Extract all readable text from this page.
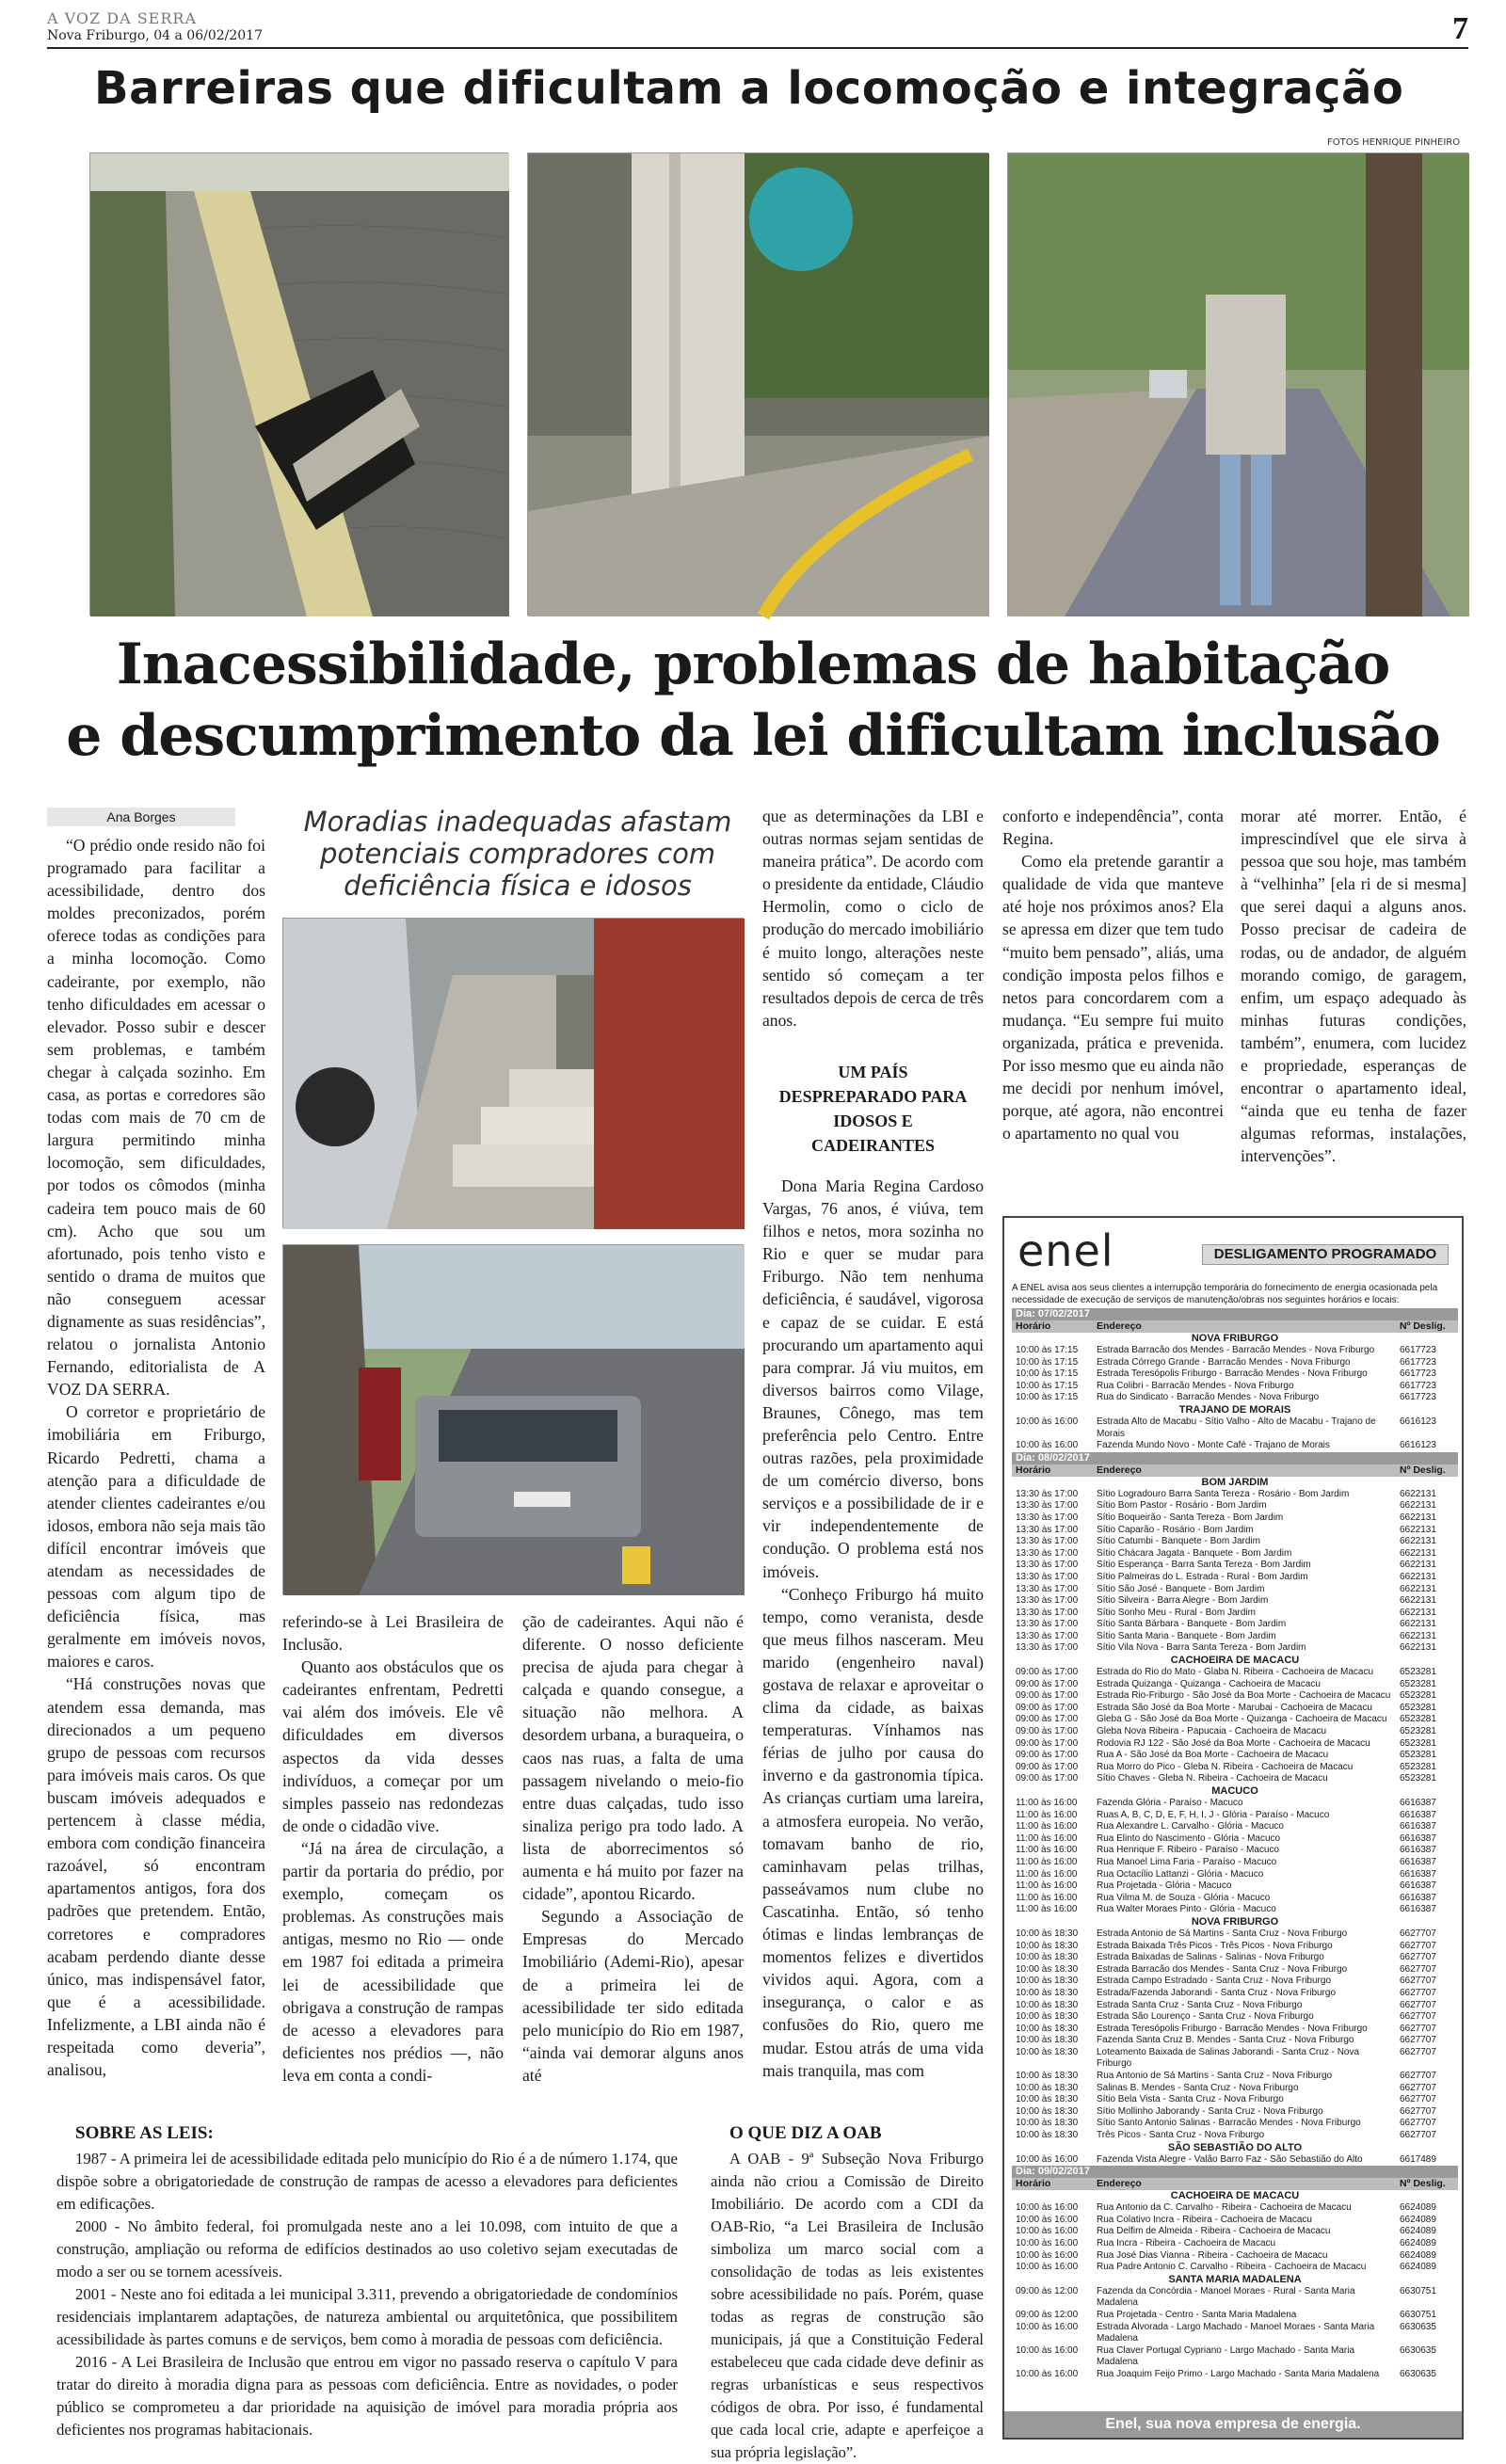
A VOZ DA SERRA
Nova Friburgo, 04 a 06/02/2017	7
Barreiras que dificultam a locomoção e integração
FOTOS HENRIQUE PINHEIRO
Inacessibilidade, problemas de habitação
e descumprimento da lei dificultam inclusão
Ana Borges

“O prédio onde resido não foi programado para facilitar a acessibilidade, dentro dos moldes preconizados, porém oferece todas as condições para a minha locomoção. Como cadeirante, por exemplo, não tenho dificuldades em acessar o elevador. Posso subir e descer sem problemas, e também chegar à calçada sozinho. Em casa, as portas e corredores são todas com mais de 70 cm de largura permitindo minha locomoção, sem dificuldades, por todos os cômodos (minha cadeira tem pouco mais de 60 cm). Acho que sou um afortunado, pois tenho visto e sentido o drama de muitos que não conseguem acessar dignamente as suas residências”, relatou o jornalista Antonio Fernando, editorialista de A VOZ DA SERRA.

O corretor e proprietário de imobiliária em Friburgo, Ricardo Pedretti, chama a atenção para a dificuldade de atender clientes cadeirantes e/ou idosos, embora não seja mais tão difícil encontrar imóveis que atendam as necessidades de pessoas com algum tipo de deficiência física, mas geralmente em imóveis novos, maiores e caros.

“Há construções novas que atendem essa demanda, mas direcionados a um pequeno grupo de pessoas com recursos para imóveis mais caros. Os que buscam imóveis adequados e pertencem à classe média, embora com condição financeira razoável, só encontram apartamentos antigos, fora dos padrões que pretendem. Então, corretores e compradores acabam perdendo diante desse único, mas indispensável fator, que é a acessibilidade. Infelizmente, a LBI ainda não é respeitada como deveria”, analisou,

Moradias inadequadas afastam potenciais compradores com deficiência física e idosos

referindo-se à Lei Brasileira de Inclusão.

Quanto aos obstáculos que os cadeirantes enfrentam, Pedretti vai além dos imóveis. Ele vê dificuldades em diversos aspectos da vida desses indivíduos, a começar por um simples passeio nas redondezas de onde o cidadão vive.

“Já na área de circulação, a partir da portaria do prédio, por exemplo, começam os problemas. As construções mais antigas, mesmo no Rio — onde em 1987 foi editada a primeira lei de acessibilidade que obrigava a construção de rampas de acesso a elevadores para deficientes nos prédios —, não leva em conta a condi-

ção de cadeirantes. Aqui não é diferente. O nosso deficiente precisa de ajuda para chegar à calçada e quando consegue, a situação não melhora. A desordem urbana, a buraqueira, o caos nas ruas, a falta de uma passagem nivelando o meio-fio entre duas calçadas, tudo isso sinaliza perigo pra todo lado. A lista de aborrecimentos só aumenta e há muito por fazer na cidade”, apontou Ricardo.

Segundo a Associação de Empresas do Mercado Imobiliário (Ademi-Rio), apesar de a primeira lei de acessibilidade ter sido editada pelo município do Rio em 1987, “ainda vai demorar alguns anos até

que as determinações da LBI e outras normas sejam sentidas de maneira prática”. De acordo com o presidente da entidade, Cláudio Hermolin, como o ciclo de produção do mercado imobiliário é muito longo, alterações neste sentido só começam a ter resultados depois de cerca de três anos.

UM PAÍS DESPREPARADO PARA IDOSOS E CADEIRANTES

Dona Maria Regina Cardoso Vargas, 76 anos, é viúva, tem filhos e netos, mora sozinha no Rio e quer se mudar para Friburgo. Não tem nenhuma deficiência, é saudável, vigorosa e capaz de se cuidar. E está procurando um apartamento aqui para comprar. Já viu muitos, em diversos bairros como Vilage, Braunes, Cônego, mas tem preferência pelo Centro. Entre outras razões, pela proximidade de um comércio diverso, bons serviços e a possibilidade de ir e vir independentemente de condução. O problema está nos imóveis.

“Conheço Friburgo há muito tempo, como veranista, desde que meus filhos nasceram. Meu marido (engenheiro naval) gostava de relaxar e aproveitar o clima da cidade, as baixas temperaturas. Vínhamos nas férias de julho por causa do inverno e da gastronomia típica. As crianças curtiam uma lareira, a atmosfera europeia. No verão, tomavam banho de rio, caminhavam pelas trilhas, passeávamos num clube no Cascatinha. Então, só tenho ótimas e lindas lembranças de momentos felizes e divertidos vividos aqui. Agora, com a insegurança, o calor e as confusões do Rio, quero me mudar. Estou atrás de uma vida mais tranquila, mas com

conforto e independência”, conta Regina.

Como ela pretende garantir a qualidade de vida que manteve até hoje nos próximos anos? Ela se apressa em dizer que tem tudo “muito bem pensado”, aliás, uma condição imposta pelos filhos e netos para concordarem com a mudança. “Eu sempre fui muito organizada, prática e prevenida. Por isso mesmo que eu ainda não me decidi por nenhum imóvel, porque, até agora, não encontrei o apartamento no qual vou

morar até morrer. Então, é imprescindível que ele sirva à pessoa que sou hoje, mas também à “velhinha” [ela ri de si mesma] que serei daqui a alguns anos. Posso precisar de cadeira de rodas, ou de andador, de alguém morando comigo, de garagem, enfim, um espaço adequado às minhas futuras condições, também”, enumera, com lucidez e propriedade, esperanças de encontrar o apartamento ideal, “ainda que eu tenha de fazer algumas reformas, instalações, intervenções”.

SOBRE AS LEIS:
1987 - A primeira lei de acessibilidade editada pelo município do Rio é a de número 1.174, que dispõe sobre a obrigatoriedade de construção de rampas de acesso a elevadores para deficientes em edificações.
2000 - No âmbito federal, foi promulgada neste ano a lei 10.098, com intuito de que a construção, ampliação ou reforma de edifícios destinados ao uso coletivo sejam executadas de modo a ser ou se tornem acessíveis.
2001 - Neste ano foi editada a lei municipal 3.311, prevendo a obrigatoriedade de condomínios residenciais implantarem adaptações, de natureza ambiental ou arquitetônica, que possibilitem acessibilidade às partes comuns e de serviços, bem como à moradia de pessoas com deficiência.
2016 - A Lei Brasileira de Inclusão que entrou em vigor no passado reserva o capítulo V para tratar do direito à moradia digna para as pessoas com deficiência. Entre as novidades, o poder público se comprometeu a dar prioridade na aquisição de imóvel para moradia própria aos deficientes nos programas habitacionais.
O QUE DIZ A OAB
A OAB - 9ª Subseção Nova Friburgo ainda não criou a Comissão de Direito Imobiliário. De acordo com a CDI da OAB-Rio, “a Lei Brasileira de Inclusão simboliza um marco social com a consolidação de todas as leis existentes sobre acessibilidade no país. Porém, quase todas as regras de construção são municipais, já que a Constituição Federal estabeleceu que cada cidade deve definir as regras urbanísticas e seus respectivos códigos de obra. Por isso, é fundamental que cada local crie, adapte e aperfeiçoe a sua própria legislação”.
enel	DESLIGAMENTO PROGRAMADO
A ENEL avisa aos seus clientes a interrupção temporária do fornecimento de energia ocasionada pela necessidade de execução de serviços de manutenção/obras nos seguintes horários e locais:
Dia: 07/02/2017
Horário	Endereço	Nº Deslig.
NOVA FRIBURGO
10:00 às 17:15	Estrada Barracão dos Mendes - Barracão Mendes - Nova Friburgo	6617723
10:00 às 17:15	Estrada Córrego Grande - Barracão Mendes - Nova Friburgo	6617723
10:00 às 17:15	Estrada Teresópolis Friburgo - Barracão Mendes - Nova Friburgo	6617723
10:00 às 17:15	Rua Colibri - Barracão Mendes - Nova Friburgo	6617723
10:00 às 17:15	Rua do Sindicato - Barracão Mendes - Nova Friburgo	6617723
TRAJANO DE MORAIS
10:00 às 16:00	Estrada Alto de Macabu - Sítio Valho - Alto de Macabu - Trajano de Morais
6616123
10:00 às 16:00	Fazenda Mundo Novo - Monte Café - Trajano de Morais	6616123
Dia: 08/02/2017
Horário	Endereço	Nº Deslig.
BOM JARDIM
13:30 às 17:00	Sítio Logradouro Barra Santa Tereza - Rosário - Bom Jardim	6622131
13:30 às 17:00	Sítio Bom Pastor - Rosário - Bom Jardim	6622131
13:30 às 17:00	Sítio Boqueirão - Santa Tereza - Bom Jardim	6622131
13:30 às 17:00	Sítio Caparão - Rosário - Bom Jardim	6622131
13:30 às 17:00	Sítio Catumbi - Banquete - Bom Jardim	6622131
13:30 às 17:00	Sítio Chácara Jagata - Banquete - Bom Jardim	6622131
13:30 às 17:00	Sítio Esperança - Barra Santa Tereza - Bom Jardim	6622131
13:30 às 17:00	Sítio Palmeiras do L. Estrada - Rural - Bom Jardim	6622131
13:30 às 17:00	Sítio São José - Banquete - Bom Jardim	6622131
13:30 às 17:00	Sítio Silveira - Barra Alegre - Bom Jardim	6622131
13:30 às 17:00	Sítio Sonho Meu - Rural - Bom Jardim	6622131
13:30 às 17:00	Sítio Santa Bárbara - Banquete - Bom Jardim	6622131
13:30 às 17:00	Sítio Santa Maria - Banquete - Bom Jardim	6622131
13:30 às 17:00	Sítio Vila Nova - Barra Santa Tereza - Bom Jardim	6622131
CACHOEIRA DE MACACU
09:00 às 17:00	Estrada do Rio do Mato - Glaba N. Ribeira - Cachoeira de Macacu	6523281
09:00 às 17:00	Estrada Quizanga - Quizanga - Cachoeira de Macacu	6523281
09:00 às 17:00	Estrada Rio-Friburgo - São José da Boa Morte - Cachoeira de Macacu 6523281
09:00 às 17:00	Estrada São José da Boa Morte - Marubai - Cachoeira de Macacu	6523281
09:00 às 17:00	Gleba G - São José da Boa Morte - Quizanga - Cachoeira de Macacu	6523281
09:00 às 17:00	Gleba Nova Ribeira - Papucaia - Cachoeira de Macacu	6523281
09:00 às 17:00	Rodovia RJ 122 - São José da Boa Morte - Cachoeira de Macacu	6523281
09:00 às 17:00	Rua A - São José da Boa Morte - Cachoeira de Macacu	6523281
09:00 às 17:00	Rua Morro do Pico - Gleba N. Ribeira - Cachoeira de Macacu	6523281
09:00 às 17:00	Sítio Chaves - Gleba N. Ribeira - Cachoeira de Macacu	6523281
MACUCO
11:00 às 16:00	Fazenda Glória - Paraíso - Macuco	6616387
11:00 às 16:00	Ruas A, B, C, D, E, F, H, I, J - Glória - Paraíso - Macuco	6616387
11:00 às 16:00	Rua Alexandre L. Carvalho - Glória - Macuco	6616387
11:00 às 16:00	Rua Elinto do Nascimento - Glória - Macuco	6616387
11:00 às 16:00	Rua Henrique F. Ribeiro - Paraíso - Macuco	6616387
11:00 às 16:00	Rua Manoel Lima Faria - Paraíso - Macuco	6616387
11:00 às 16:00	Rua Octacílio Lattanzi - Glória - Macuco	6616387
11:00 às 16:00	Rua Projetada - Glória - Macuco	6616387
11:00 às 16:00	Rua Vilma M. de Souza - Glória - Macuco	6616387
11:00 às 16:00	Rua Walter Moraes Pinto - Glória - Macuco	6616387
NOVA FRIBURGO
10:00 às 18:30	Estrada Antonio de Sá Martins - Santa Cruz - Nova Friburgo	6627707
10:00 às 18:30	Estrada Baixada Três Picos - Três Picos - Nova Friburgo	6627707
10:00 às 18:30	Estrada Baixadas de Salinas - Salinas - Nova Friburgo	6627707
10:00 às 18:30	Estrada Barracão dos Mendes - Santa Cruz - Nova Friburgo	6627707
10:00 às 18:30	Estrada Campo Estradado - Santa Cruz - Nova Friburgo	6627707
10:00 às 18:30	Estrada/Fazenda Jaborandi - Santa Cruz - Nova Friburgo	6627707
10:00 às 18:30	Estrada Santa Cruz - Santa Cruz - Nova Friburgo	6627707
10:00 às 18:30	Estrada São Lourenço - Santa Cruz - Nova Friburgo	6627707
10:00 às 18:30	Estrada Teresópolis Friburgo - Barracão Mendes - Nova Friburgo	6627707
10:00 às 18:30	Fazenda Santa Cruz B. Mendes - Santa Cruz - Nova Friburgo	6627707
10:00 às 18:30	Loteamento Baixada de Salinas Jaborandi - Santa Cruz - Nova Friburgo
6627707
10:00 às 18:30	Rua Antonio de Sá Martins - Santa Cruz - Nova Friburgo	6627707
10:00 às 18:30	Salinas B. Mendes - Santa Cruz - Nova Friburgo	6627707
10:00 às 18:30	Sítio Bela Vista - Santa Cruz - Nova Friburgo	6627707
10:00 às 18:30	Sítio Mollinho Jaborandy - Santa Cruz - Nova Friburgo	6627707
10:00 às 18:30	Sítio Santo Antonio Salinas - Barracão Mendes - Nova Friburgo	6627707
10:00 às 18:30	Três Picos - Santa Cruz - Nova Friburgo	6627707
SÃO SEBASTIÃO DO ALTO
10:00 às 16:00	Fazenda Vista Alegre - Valão Barro Faz - São Sebastião do Alto	6617489
Dia: 09/02/2017
Horário	Endereço	Nº Deslig.
CACHOEIRA DE MACACU
10:00 às 16:00	Rua Antonio da C. Carvalho - Ribeira - Cachoeira de Macacu	6624089
10:00 às 16:00	Rua Colativo Incra - Ribeira - Cachoeira de Macacu	6624089
10:00 às 16:00	Rua Delfim de Almeida - Ribeira - Cachoeira de Macacu	6624089
10:00 às 16:00	Rua Incra - Ribeira - Cachoeira de Macacu	6624089
10:00 às 16:00	Rua José Dias Vianna - Ribeira - Cachoeira de Macacu	6624089
10:00 às 16:00	Rua Padre Antonio C. Carvalho - Ribeira - Cachoeira de Macacu	6624089
SANTA MARIA MADALENA
09:00 às 12:00	Fazenda da Concórdia - Manoel Moraes - Rural - Santa Maria Madalena
6630751
09:00 às 12:00	Rua Projetada - Centro - Santa Maria Madalena	6630751
10:00 às 16:00	Estrada Alvorada - Largo Machado - Manoel Moraes - Santa Maria Madalena
6630635
10:00 às 16:00	Rua Claver Portugal Cypriano - Largo Machado - Santa Maria Madalena
6630635
10:00 às 16:00	Rua Joaquim Feijo Primo - Largo Machado - Santa Maria Madalena	6630635
Enel, sua nova empresa de energia.
